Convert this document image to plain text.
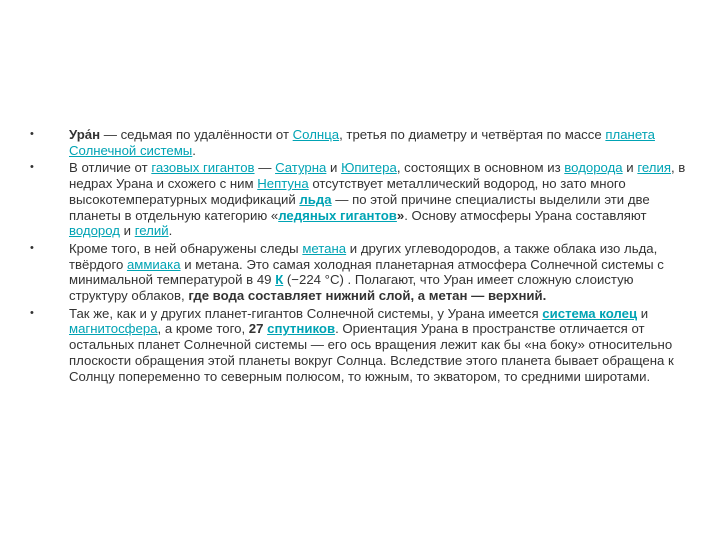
•	Ура́н — седьмая по удалённости от Солнца, третья по диаметру и четвёртая по массе планета Солнечной системы.
•	В отличие от газовых гигантов — Сатурна и Юпитера, состоящих в основном из водорода и гелия, в недрах Урана и схожего с ним Нептуна отсутствует металлический водород, но зато много высокотемпературных модификаций льда — по этой причине специалисты выделили эти две планеты в отдельную категорию «ледяных гигантов». Основу атмосферы Урана составляют водород и гелий.
•	Кроме того, в ней обнаружены следы метана и других углеводородов, а также облака изо льда, твёрдого аммиака и метана. Это самая холодная планетарная атмосфера Солнечной системы с минимальной температурой в 49 К (−224 °C) . Полагают, что Уран имеет сложную слоистую структуру облаков, где вода составляет нижний слой, а метан — верхний.
•	Так же, как и у других планет-гигантов Солнечной системы, у Урана имеется система колец и магнитосфера, а кроме того, 27 спутников. Ориентация Урана в пространстве отличается от остальных планет Солнечной системы — его ось вращения лежит как бы «на боку» относительно плоскости обращения этой планеты вокруг Солнца. Вследствие этого планета бывает обращена к Солнцу попеременно то северным полюсом, то южным, то экватором, то средними широтами.
